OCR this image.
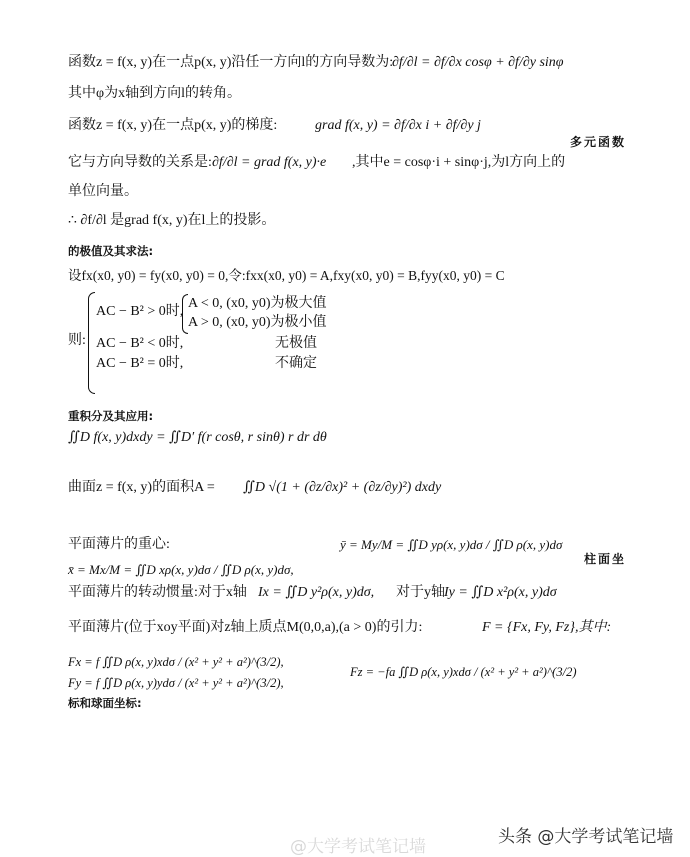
多元函数
柱面坐
的极值及其求法:
重积分及其应用:
标和球面坐标:
函数z = f(x, y)在一点p(x, y)沿任一方向l的方向导数为:
∂f/∂l = ∂f/∂x cosφ + ∂f/∂y sinφ
其中φ为x轴到方向l的转角。
函数z = f(x, y)在一点p(x, y)的梯度:	grad f(x, y) = ∂f/∂x i + ∂f/∂y j
它与方向导数的关系是: ∂f/∂l = grad f(x, y)·e ,其中e = cosφ·i + sinφ·j,为l方向上的
单位向量。
∴ ∂f/∂l 是grad f(x, y)在l上的投影。
设fx(x0, y0) = fy(x0, y0) = 0,令:fxx(x0, y0) = A,fxy(x0, y0) = B,fyy(x0, y0) = C
则:
AC − B² > 0时,
A < 0, (x0, y0)为极大值
A > 0, (x0, y0)为极小值
AC − B² < 0时,	无极值
AC − B² = 0时,	不确定
∬D f(x, y)dxdy = ∬D′ f(r cosθ, r sinθ) r dr dθ
曲面z = f(x, y)的面积A = ∬D √(1 + (∂z/∂x)² + (∂z/∂y)²) dxdy
平面薄片的重心:
x̄ = Mx/M = ∬D xρ(x, y)dσ / ∬D ρ(x, y)dσ,
ȳ = My/M = ∬D yρ(x, y)dσ / ∬D ρ(x, y)dσ
平面薄片的转动惯量:对于x轴 Ix = ∬D y²ρ(x, y)dσ, 对于y轴 Iy = ∬D x²ρ(x, y)dσ
平面薄片(位于xoy平面)对z轴上质点M(0,0,a),(a > 0)的引力:	F = {Fx, Fy, Fz},其中:
Fx = f ∬D ρ(x, y)xdσ / (x² + y² + a²)^(3/2),
Fy = f ∬D ρ(x, y)ydσ / (x² + y² + a²)^(3/2),
Fz = −fa ∬D ρ(x, y)xdσ / (x² + y² + a²)^(3/2)
@大学考试笔记墙	头条 @大学考试笔记墙
